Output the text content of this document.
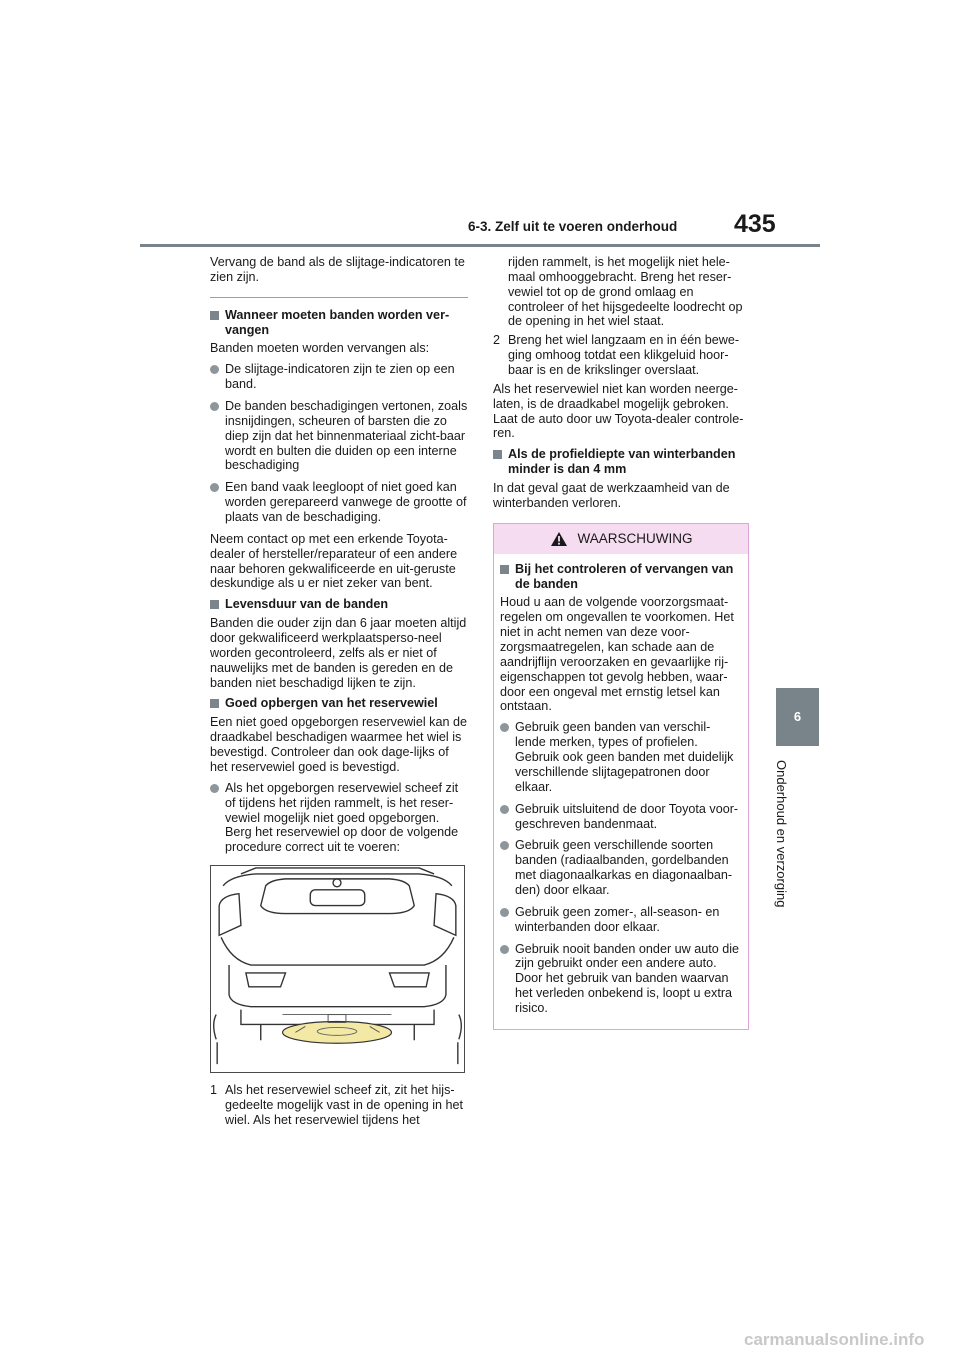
6-3. Zelf uit te voeren onderhoud 435
6
Onderhoud en verzorging

Vervang de band als de slijtage-indicatoren te zien zijn.

Wanneer moeten banden worden ver-vangen

Banden moeten worden vervangen als:

De slijtage-indicatoren zijn te zien op een band.
De banden beschadigingen vertonen, zoals insnijdingen, scheuren of barsten die zo diep zijn dat het binnenmateriaal zicht-baar wordt en bulten die duiden op een interne beschadiging
Een band vaak leegloopt of niet goed kan worden gerepareerd vanwege de grootte of plaats van de beschadiging.

Neem contact op met een erkende Toyota-dealer of hersteller/reparateur of een andere naar behoren gekwalificeerde en uit-geruste deskundige als u er niet zeker van bent.

Levensduur van de banden

Banden die ouder zijn dan 6 jaar moeten altijd door gekwalificeerd werkplaatsperso-neel worden gecontroleerd, zelfs als er niet of nauwelijks met de banden is gereden en de banden niet beschadigd lijken te zijn.

Goed opbergen van het reservewiel

Een niet goed opgeborgen reservewiel kan de draadkabel beschadigen waarmee het wiel is bevestigd. Controleer dan ook dage-lijks of het reservewiel goed is bevestigd.

Als het opgeborgen reservewiel scheef zit of tijdens het rijden rammelt, is het reser-vewiel mogelijk niet goed opgeborgen. Berg het reservewiel op door de volgende procedure correct uit te voeren:
1 Als het reservewiel scheef zit, zit het hijs-gedeelte mogelijk vast in de opening in het wiel. Als het reservewiel tijdens het
rijden rammelt, is het mogelijk niet hele-maal omhooggebracht. Breng het reser-vewiel tot op de grond omlaag en controleer of het hijsgedeelte loodrecht op de opening in het wiel staat.
2 Breng het wiel langzaam en in één bewe-ging omhoog totdat een klikgeluid hoor-baar is en de krikslinger overslaat.

Als het reservewiel niet kan worden neerge-laten, is de draadkabel mogelijk gebroken. Laat de auto door uw Toyota-dealer controle-ren.

Als de profieldiepte van winterbanden minder is dan 4 mm

In dat geval gaat de werkzaamheid van de winterbanden verloren.

WAARSCHUWING
Bij het controleren of vervangen van de banden

Houd u aan de volgende voorzorgsmaat-regelen om ongevallen te voorkomen. Het niet in acht nemen van deze voor-zorgsmaatregelen, kan schade aan de aandrijflijn veroorzaken en gevaarlijke rij-eigenschappen tot gevolg hebben, waar-door een ongeval met ernstig letsel kan ontstaan.

Gebruik geen banden van verschil-lende merken, types of profielen. Gebruik ook geen banden met duidelijk verschillende slijtagepatronen door elkaar.
Gebruik uitsluitend de door Toyota voor-geschreven bandenmaat.
Gebruik geen verschillende soorten banden (radiaalbanden, gordelbanden met diagonaalkarkas en diagonaalban-den) door elkaar.
Gebruik geen zomer-, all-season- en winterbanden door elkaar.
Gebruik nooit banden onder uw auto die zijn gebruikt onder een andere auto. Door het gebruik van banden waarvan het verleden onbekend is, loopt u extra risico.
carmanualsonline.info
